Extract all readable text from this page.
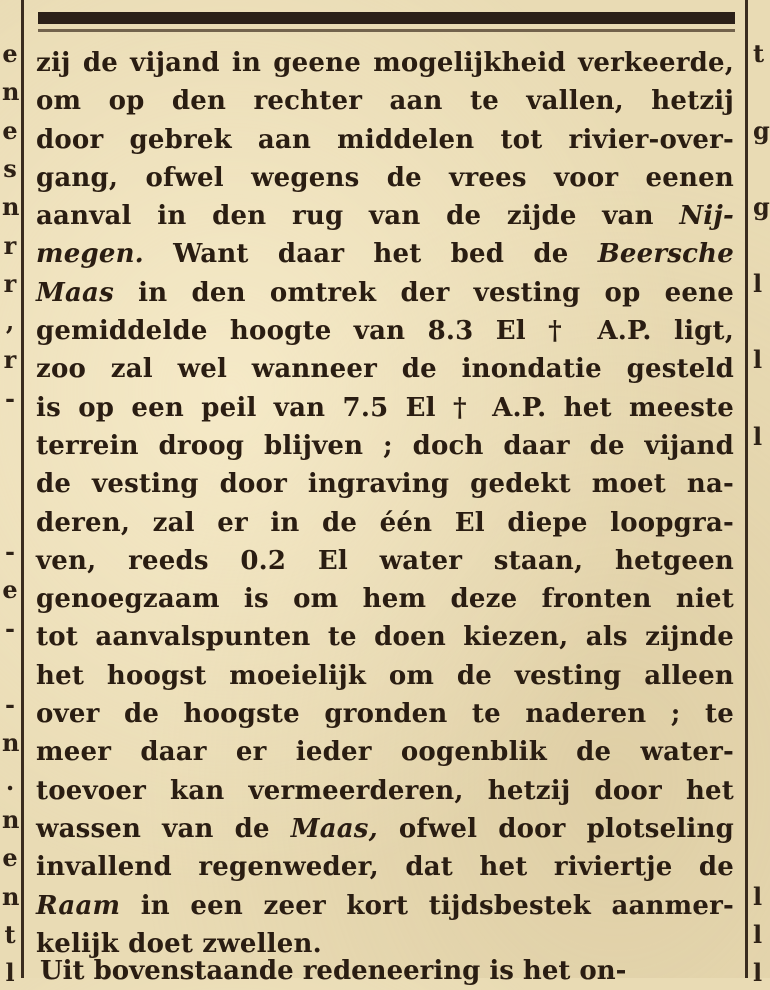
e
n
e
s
n
r
r
,
r
-
-
e
-
-
n
.
n
e
n
t
l
t
g
g
l
l
l
l
l
l
zij de vijand in geene mogelijkheid verkeerde,
om op den rechter aan te vallen, hetzij
door gebrek aan middelen tot rivier-over-
gang, ofwel wegens de vrees voor eenen
aanval in den rug van de zijde van Nij-
megen. Want daar het bed de Beersche
Maas in den omtrek der vesting op eene
gemiddelde hoogte van 8.3 El † A.P. ligt,
zoo zal wel wanneer de inondatie gesteld
is op een peil van 7.5 El † A.P. het meeste
terrein droog blijven ; doch daar de vijand
de vesting door ingraving gedekt moet na-
deren, zal er in de één El diepe loopgra-
ven, reeds 0.2 El water staan, hetgeen
genoegzaam is om hem deze fronten niet
tot aanvalspunten te doen kiezen, als zijnde
het hoogst moeielijk om de vesting alleen
over de hoogste gronden te naderen ; te
meer daar er ieder oogenblik de water-
toevoer kan vermeerderen, hetzij door het
wassen van de Maas, ofwel door plotseling
invallend regenweder, dat het riviertje de
Raam in een zeer kort tijdsbestek aanmer-
kelijk doet zwellen.
Uit bovenstaande redeneering is het on-
